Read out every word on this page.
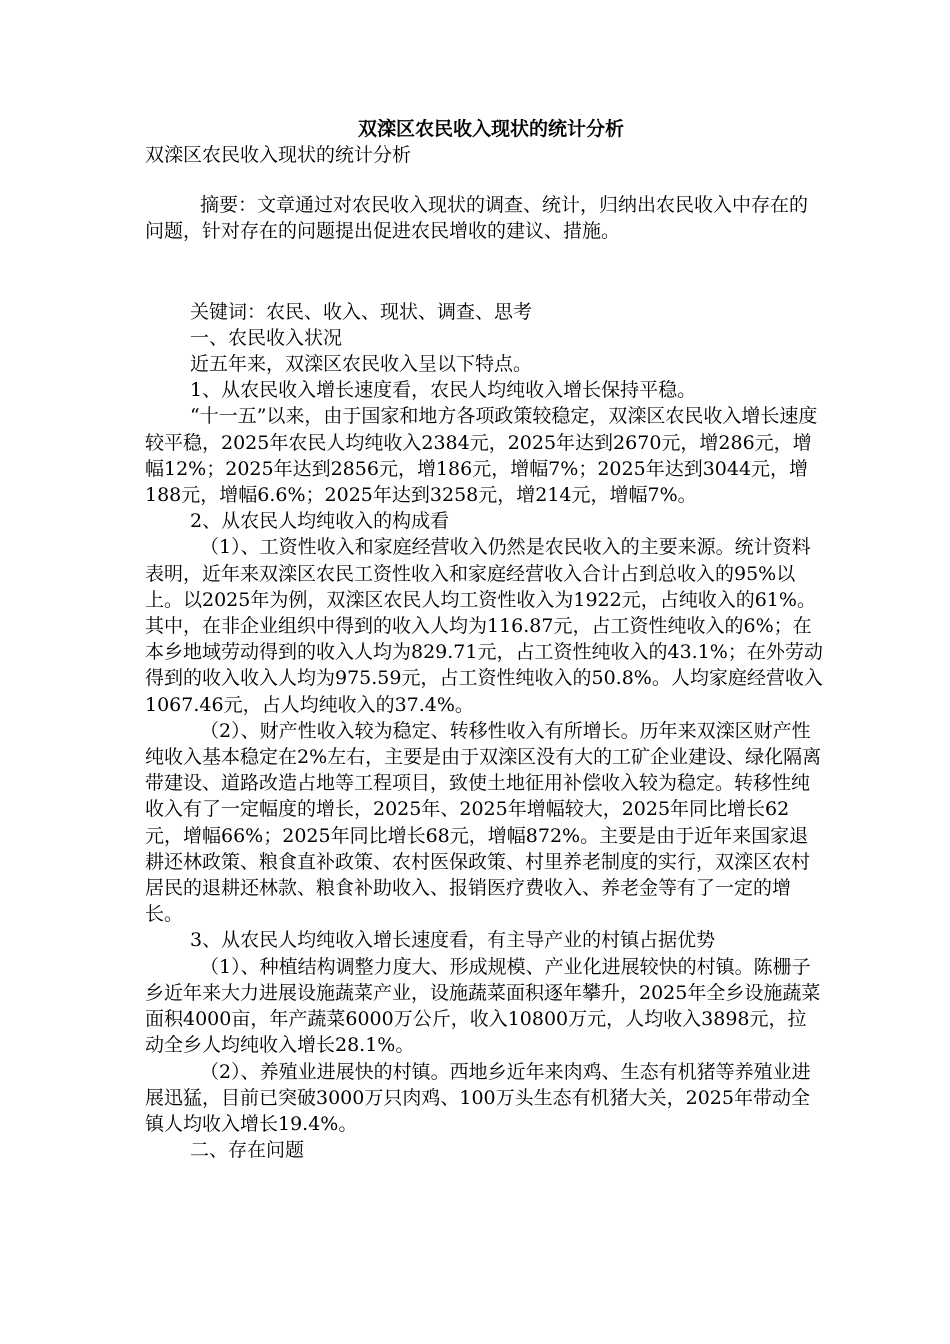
双滦区农民收入现状的统计分析

双滦区农民收入现状的统计分析

摘要：文章通过对农民收入现状的调查、统计，归纳出农民收入中存在的问题，针对存在的问题提出促进农民增收的建议、措施。

关键词：农民、收入、现状、调查、思考

一、农民收入状况

近五年来，双滦区农民收入呈以下特点。

1、从农民收入增长速度看，农民人均纯收入增长保持平稳。

“十一五”以来，由于国家和地方各项政策较稳定，双滦区农民收入增长速度较平稳，2025年农民人均纯收入2384元，2025年达到2670元，增286元，增幅12%；2025年达到2856元，增186元，增幅7%；2025年达到3044元，增188元，增幅6.6%；2025年达到3258元，增214元，增幅7%。

2、从农民人均纯收入的构成看

（1）、工资性收入和家庭经营收入仍然是农民收入的主要来源。统计资料表明，近年来双滦区农民工资性收入和家庭经营收入合计占到总收入的95%以上。以2025年为例，双滦区农民人均工资性收入为1922元，占纯收入的61%。其中，在非企业组织中得到的收入人均为116.87元，占工资性纯收入的6%；在本乡地域劳动得到的收入人均为829.71元，占工资性纯收入的43.1%；在外劳动得到的收入收入人均为975.59元，占工资性纯收入的50.8%。人均家庭经营收入1067.46元，占人均纯收入的37.4%。

（2）、财产性收入较为稳定、转移性收入有所增长。历年来双滦区财产性纯收入基本稳定在2%左右，主要是由于双滦区没有大的工矿企业建设、绿化隔离带建设、道路改造占地等工程项目，致使土地征用补偿收入较为稳定。转移性纯收入有了一定幅度的增长，2025年、2025年增幅较大，2025年同比增长62元，增幅66%；2025年同比增长68元，增幅872%。主要是由于近年来国家退耕还林政策、粮食直补政策、农村医保政策、村里养老制度的实行，双滦区农村居民的退耕还林款、粮食补助收入、报销医疗费收入、养老金等有了一定的增长。

3、从农民人均纯收入增长速度看，有主导产业的村镇占据优势

（1）、种植结构调整力度大、形成规模、产业化进展较快的村镇。陈栅子乡近年来大力进展设施蔬菜产业，设施蔬菜面积逐年攀升，2025年全乡设施蔬菜面积4000亩，年产蔬菜6000万公斤，收入10800万元，人均收入3898元，拉动全乡人均纯收入增长28.1%。

（2）、养殖业进展快的村镇。西地乡近年来肉鸡、生态有机猪等养殖业进展迅猛，目前已突破3000万只肉鸡、100万头生态有机猪大关，2025年带动全镇人均收入增长19.4%。

二、存在问题
